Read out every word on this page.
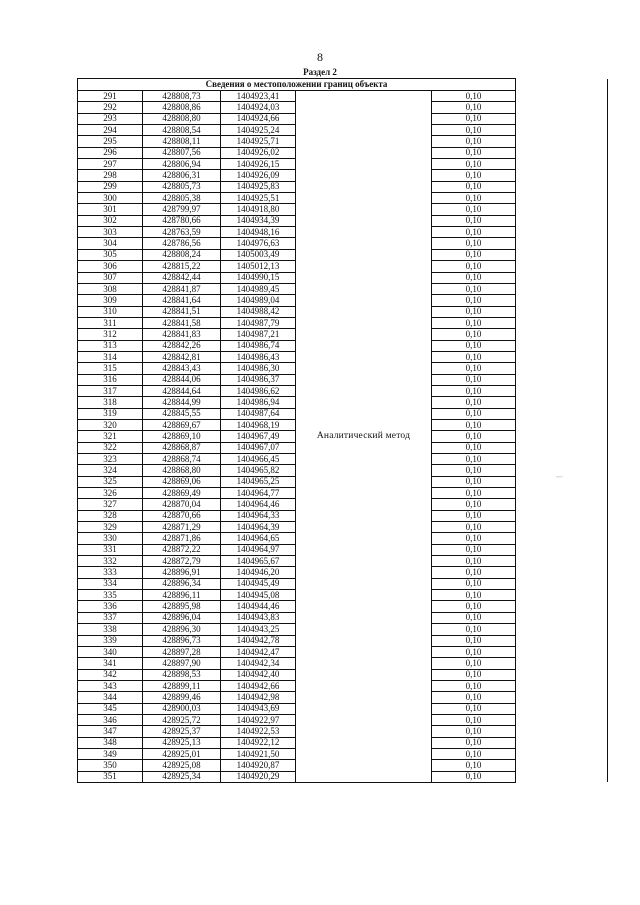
8
Раздел 2
Сведения о местоположении границ объекта					
291	428808,73	1404923,41	Аналитический метод	0,10	
292	428808,86	1404924,03		0,10	
293	428808,80	1404924,66		0,10	
294	428808,54	1404925,24		0,10	
295	428808,11	1404925,71		0,10	
296	428807,56	1404926,02		0,10	
297	428806,94	1404926,15		0,10	
298	428806,31	1404926,09		0,10	
299	428805,73	1404925,83		0,10	
300	428805,38	1404925,51		0,10	
301	428799,97	1404918,80		0,10	
302	428780,66	1404934,39		0,10	
303	428763,59	1404948,16		0,10	
304	428786,56	1404976,63		0,10	
305	428808,24	1405003,49		0,10	
306	428815,22	1405012,13		0,10	
307	428842,44	1404990,15		0,10	
308	428841,87	1404989,45		0,10	
309	428841,64	1404989,04		0,10	
310	428841,51	1404988,42		0,10	
311	428841,58	1404987,79		0,10	
312	428841,83	1404987,21		0,10	
313	428842,26	1404986,74		0,10	
314	428842,81	1404986,43		0,10	
315	428843,43	1404986,30		0,10	
316	428844,06	1404986,37		0,10	
317	428844,64	1404986,62		0,10	
318	428844,99	1404986,94		0,10	
319	428845,55	1404987,64		0,10	
320	428869,67	1404968,19		0,10	
321	428869,10	1404967,49		0,10	
322	428868,87	1404967,07		0,10	
323	428868,74	1404966,45		0,10	
324	428868,80	1404965,82		0,10	
325	428869,06	1404965,25		0,10	
326	428869,49	1404964,77		0,10	
327	428870,04	1404964,46		0,10	
328	428870,66	1404964,33		0,10	
329	428871,29	1404964,39		0,10	
330	428871,86	1404964,65		0,10	
331	428872,22	1404964,97		0,10	
332	428872,79	1404965,67		0,10	
333	428896,91	1404946,20		0,10	
334	428896,34	1404945,49		0,10	
335	428896,11	1404945,08		0,10	
336	428895,98	1404944,46		0,10	
337	428896,04	1404943,83		0,10	
338	428896,30	1404943,25		0,10	
339	428896,73	1404942,78		0,10	
340	428897,28	1404942,47		0,10	
341	428897,90	1404942,34		0,10	
342	428898,53	1404942,40		0,10	
343	428899,11	1404942,66		0,10	
344	428899,46	1404942,98		0,10	
345	428900,03	1404943,69		0,10	
346	428925,72	1404922,97		0,10	
347	428925,37	1404922,53		0,10	
348	428925,13	1404922,12		0,10	
349	428925,01	1404921,50		0,10	
350	428925,08	1404920,87		0,10	
351	428925,34	1404920,29		0,10	
~~
